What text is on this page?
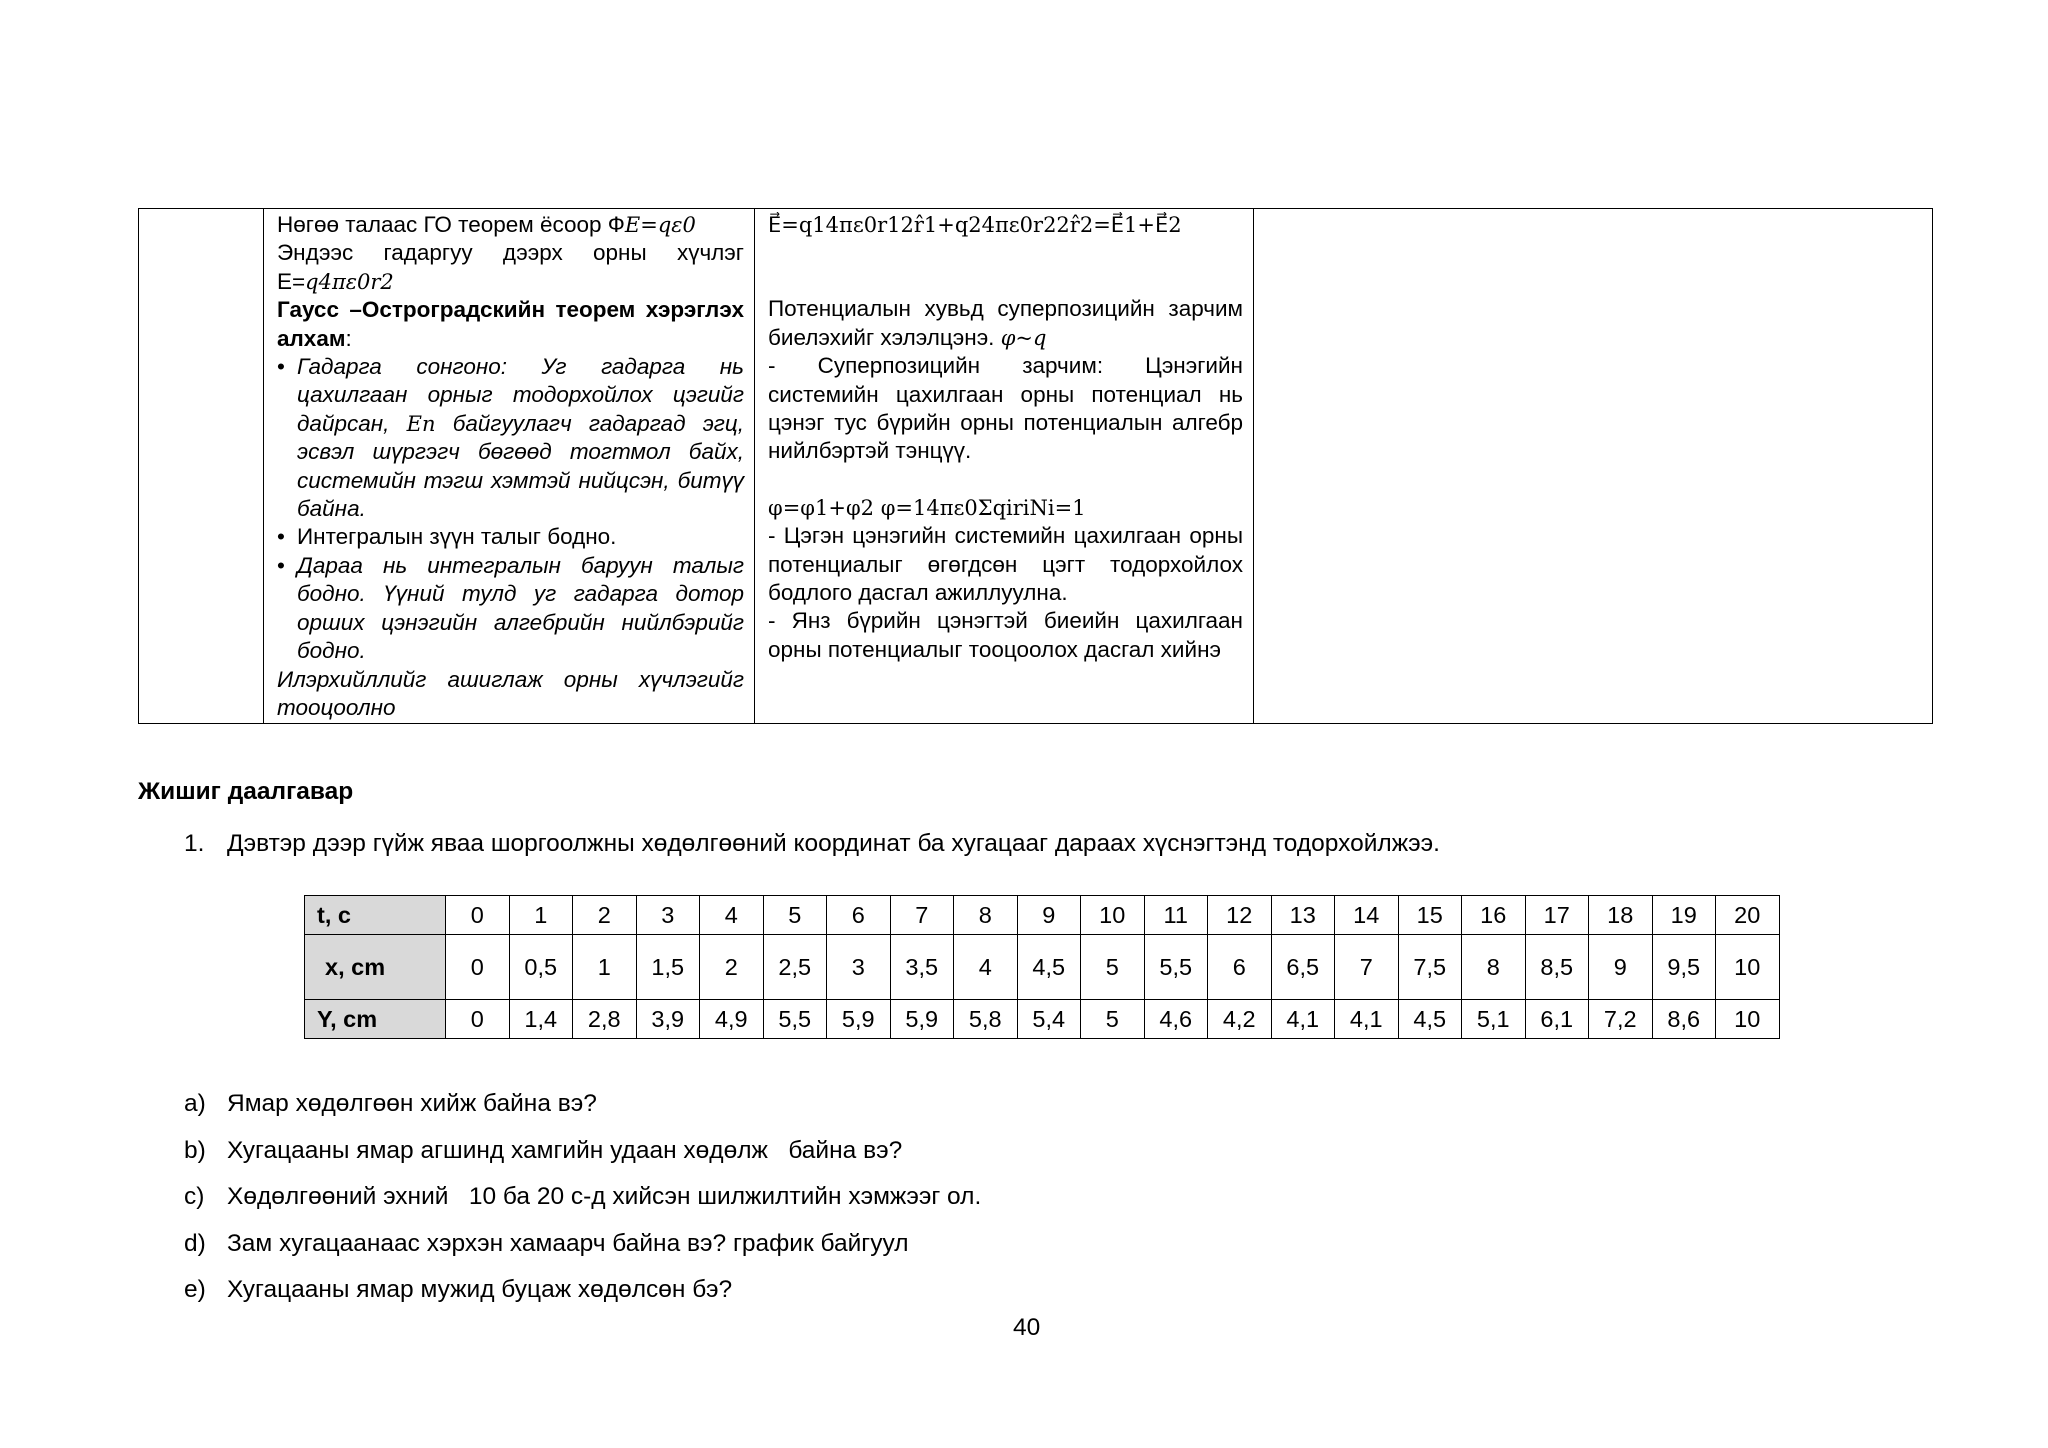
Нөгөө талаас ГО теорем ёсоор ФE=qε0
Эндээс гадаргуу дээрх орны хүчлэг
E=q4πε0r2
Гаусс –Остроградскийн теорем хэрэглэх алхам:
• Гадарга сонгоно: Уг гадарга нь цахилгаан орныг тодорхойлох цэгийг дайрсан, En байгуулагч гадаргад эгц, эсвэл шүргэгч бөгөөд тогтмол байх, системийн тэгш хэмтэй нийцсэн, битүү байна.
• Интегралын зүүн талыг бодно.
• Дараа нь интегралын баруун талыг бодно. Үүний тулд уг гадарга дотор орших цэнэгийн алгебрийн нийлбэрийг бодно.
Илэрхийллийг ашиглаж орны хүчлэгийг тооцоолно

E⃗=q14πε0r12r̂1+q24πε0r22r̂2=E⃗1+E⃗2
Потенциалын хувьд суперпозицийн зарчим биелэхийг хэлэлцэнэ. φ~q
- Суперпозицийн зарчим: Цэнэгийн системийн цахилгаан орны потенциал нь цэнэг тус бүрийн орны потенциалын алгебр нийлбэртэй тэнцүү.
φ=φ1+φ2 φ=14πε0ΣqiriNi=1
- Цэгэн цэнэгийн системийн цахилгаан орны потенциалыг өгөгдсөн цэгт тодорхойлох бодлого дасгал ажиллуулна.
- Янз бүрийн цэнэгтэй биеийн цахилгаан орны потенциалыг тооцоолох дасгал хийнэ

Жишиг даалгавар
1. Дэвтэр дээр гүйж яваа шоргоолжны хөдөлгөөний координат ба хугацааг дараах хүснэгтэнд тодорхойлжээ.
t, c	0	1	2	3	4	5	6	7	8	9	10	11	12	13	14	15	16	17	18	19	20
x, cm	0	0,5	1	1,5	2	2,5	3	3,5	4	4,5	5	5,5	6	6,5	7	7,5	8	8,5	9	9,5	10
Y, cm	0	1,4	2,8	3,9	4,9	5,5	5,9	5,9	5,8	5,4	5	4,6	4,2	4,1	4,1	4,5	5,1	6,1	7,2	8,6	10
a) Ямар хөдөлгөөн хийж байна вэ?
b) Хугацааны ямар агшинд хамгийн удаан хөдөлж   байна вэ?
c) Хөдөлгөөний эхний   10 ба 20 с-д хийсэн шилжилтийн хэмжээг ол.
d) Зам хугацаанаас хэрхэн хамаарч байна вэ? график байгуул
e) Хугацааны ямар мужид буцаж хөдөлсөн бэ?
40
